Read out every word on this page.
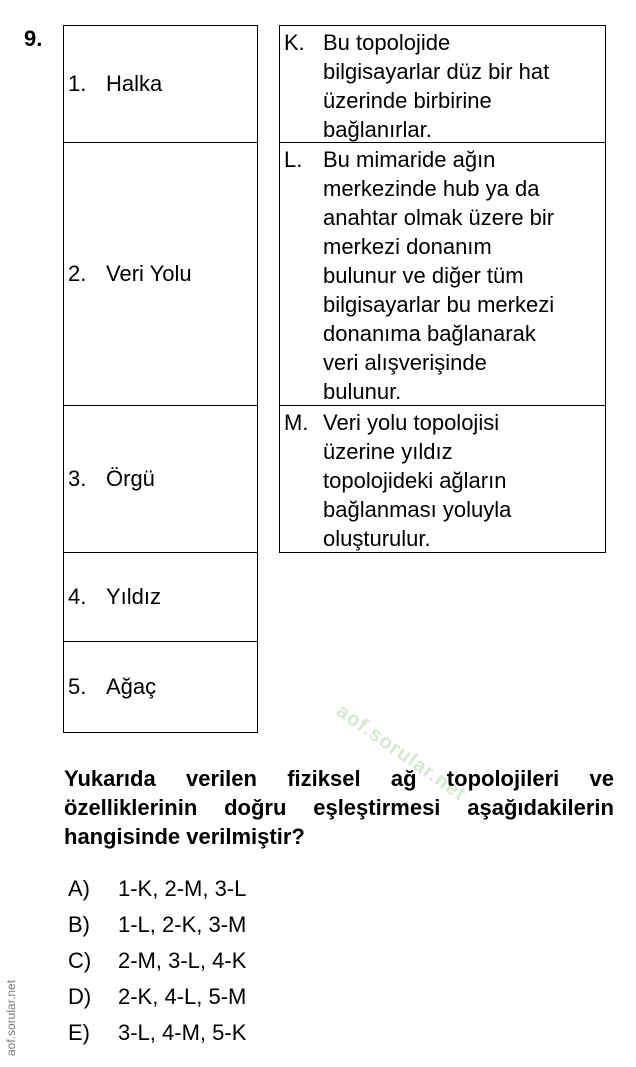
9.
1. Halka
2. Veri Yolu
3. Örgü
4. Yıldız
5. Ağaç
K. Bu topolojide
bilgisayarlar düz bir hat
üzerinde birbirine
bağlanırlar.
L. Bu mimaride ağın
merkezinde hub ya da
anahtar olmak üzere bir
merkezi donanım
bulunur ve diğer tüm
bilgisayarlar bu merkezi
donanıma bağlanarak
veri alışverişinde
bulunur.
M. Veri yolu topolojisi
üzerine yıldız
topolojideki ağların
bağlanması yoluyla
oluşturulur.
aof.sorular.net
Yukarıda verilen fiziksel ağ topolojileri ve özelliklerinin doğru eşleştirmesi aşağıdakilerin hangisinde verilmiştir?
A)	1-K, 2-M, 3-L
B)	1-L, 2-K, 3-M
C)	2-M, 3-L, 4-K
D)	2-K, 4-L, 5-M
E)	3-L, 4-M, 5-K
aof.sorular.net
